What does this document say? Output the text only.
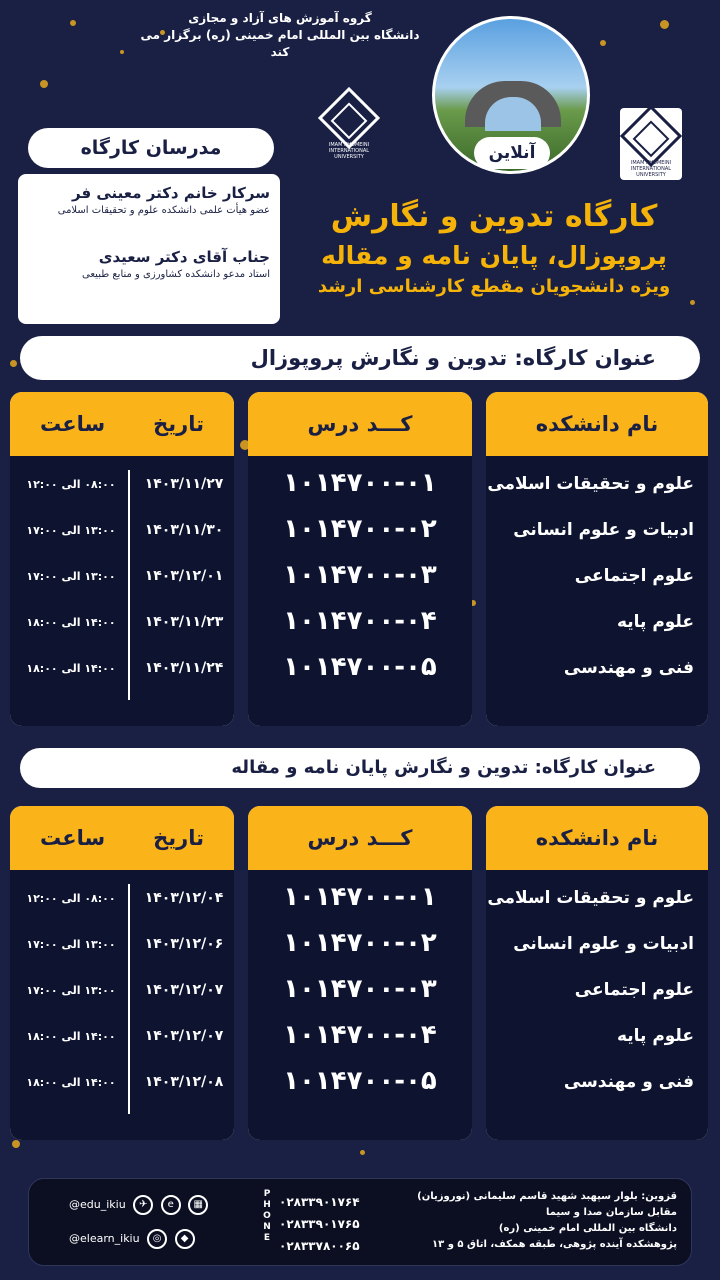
گروه آموزش های آزاد و مجازی
دانشگاه بین المللی امام خمینی (ره) برگزار می کند
آنلاین
IMAM KHOMEINI INTERNATIONAL UNIVERSITY
IMAM KHOMEINI INTERNATIONAL UNIVERSITY
مدرسان کارگاه
سرکار خانم دکتر معینی فر
عضو هیأت علمی دانشکده علوم و تحقیقات اسلامی
جناب آقای دکتر سعیدی
استاد مدعو دانشکده کشاورزی و منابع طبیعی
کارگاه تدوین و نگارش
پروپوزال، پایان نامه و مقاله
ویژه دانشجویان مقطع کارشناسی ارشد
عنوان کارگاه: تدوین و نگارش پروپوزال
نام دانشکده
علوم و تحقیقات اسلامی
ادبیات و علوم انسانی
علوم اجتماعی
علوم پایه
فنی و مهندسی
کـــد درس
۱۰۱۴۷۰۰-۰۱
۱۰۱۴۷۰۰-۰۲
۱۰۱۴۷۰۰-۰۳
۱۰۱۴۷۰۰-۰۴
۱۰۱۴۷۰۰-۰۵
تاریخ
ساعت
۱۴۰۳/۱۱/۲۷
۰۸:۰۰ الی ۱۲:۰۰
۱۴۰۳/۱۱/۳۰
۱۳:۰۰ الی ۱۷:۰۰
۱۴۰۳/۱۲/۰۱
۱۳:۰۰ الی ۱۷:۰۰
۱۴۰۳/۱۱/۲۳
۱۴:۰۰ الی ۱۸:۰۰
۱۴۰۳/۱۱/۲۴
۱۴:۰۰ الی ۱۸:۰۰
عنوان کارگاه: تدوین و نگارش پایان نامه و مقاله
نام دانشکده
علوم و تحقیقات اسلامی
ادبیات و علوم انسانی
علوم اجتماعی
علوم پایه
فنی و مهندسی
کـــد درس
۱۰۱۴۷۰۰-۰۱
۱۰۱۴۷۰۰-۰۲
۱۰۱۴۷۰۰-۰۳
۱۰۱۴۷۰۰-۰۴
۱۰۱۴۷۰۰-۰۵
تاریخ
ساعت
۱۴۰۳/۱۲/۰۴
۰۸:۰۰ الی ۱۲:۰۰
۱۴۰۳/۱۲/۰۶
۱۳:۰۰ الی ۱۷:۰۰
۱۴۰۳/۱۲/۰۷
۱۳:۰۰ الی ۱۷:۰۰
۱۴۰۳/۱۲/۰۷
۱۴:۰۰ الی ۱۸:۰۰
۱۴۰۳/۱۲/۰۸
۱۴:۰۰ الی ۱۸:۰۰
قزوین: بلوار سپهبد شهید قاسم سلیمانی (نوروزیان)
مقابل سازمان صدا و سیما
دانشگاه بین المللی امام خمینی (ره)
پژوهشکده آینده پژوهی، طبقه همکف، اتاق ۵ و ۱۳
PHONE
۰۲۸۳۳۹۰۱۷۶۴
۰۲۸۳۳۹۰۱۷۶۵
۰۲۸۳۳۷۸۰۰۶۵
@edu_ikiu ✈ e ▦
@elearn_ikiu ◎ ◆
